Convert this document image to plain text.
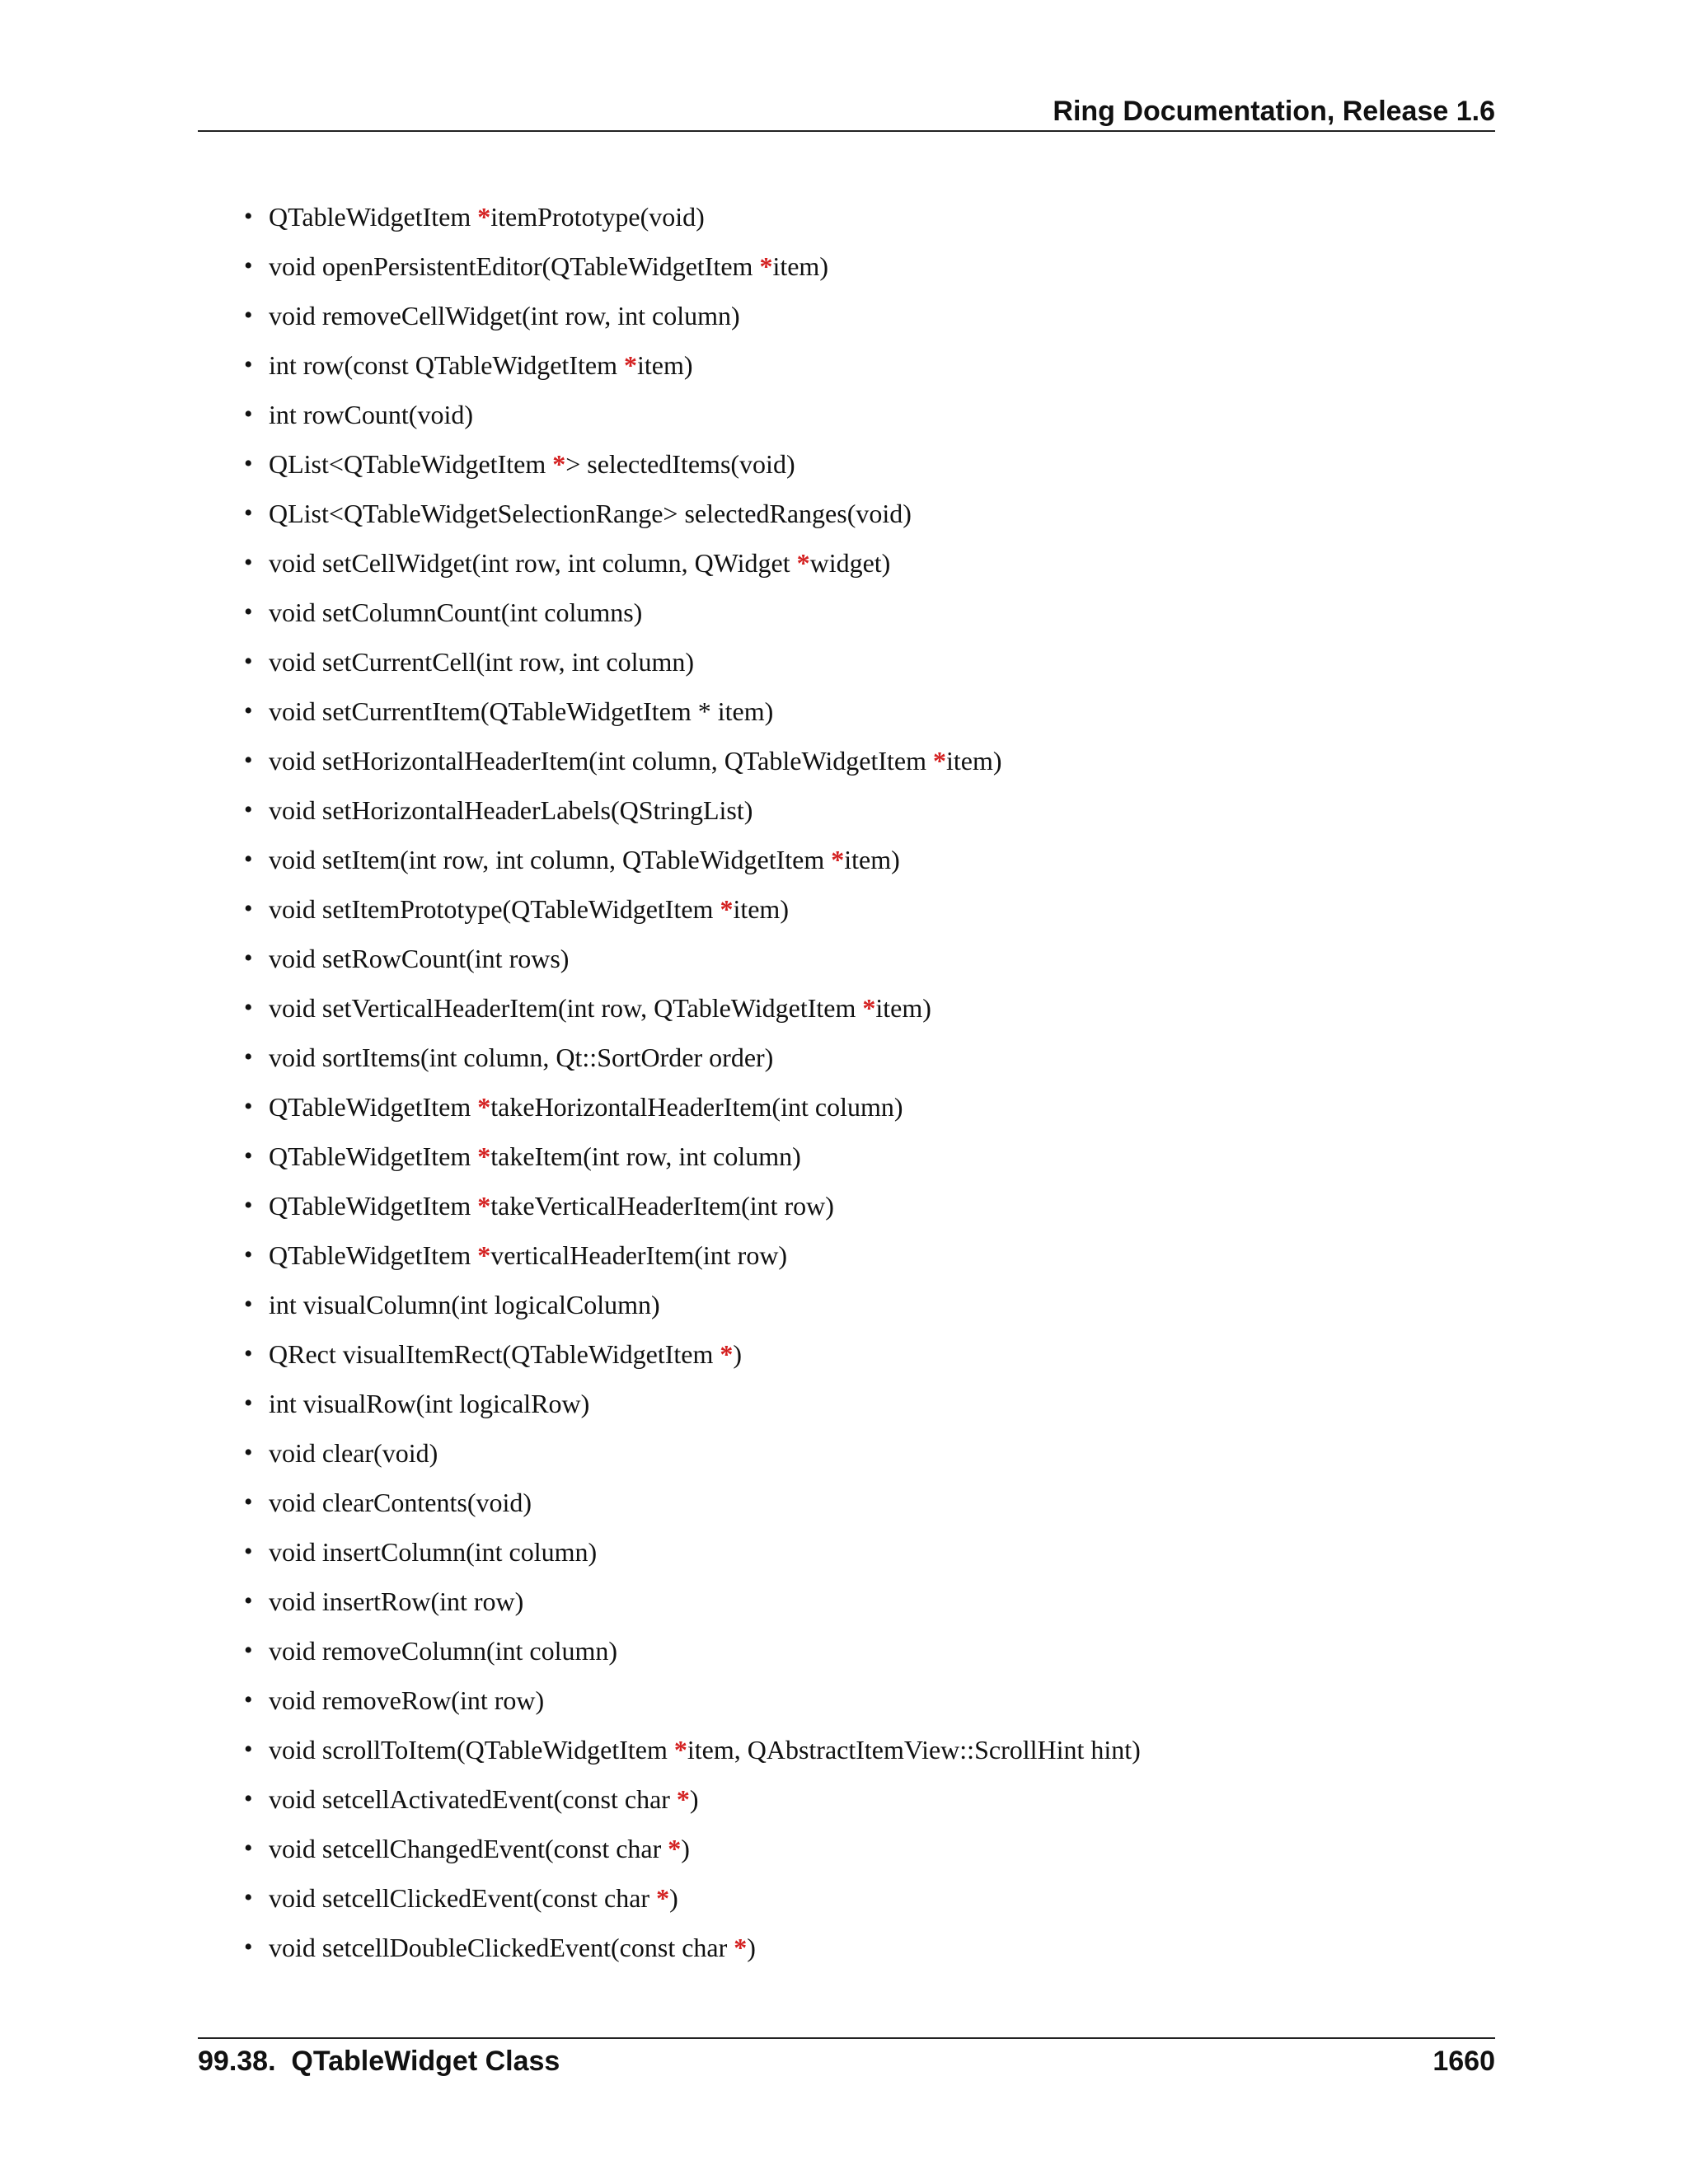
Ring Documentation, Release 1.6
• QTableWidgetItem *itemPrototype(void)
• void openPersistentEditor(QTableWidgetItem *item)
• void removeCellWidget(int row, int column)
• int row(const QTableWidgetItem *item)
• int rowCount(void)
• QList<QTableWidgetItem *> selectedItems(void)
• QList<QTableWidgetSelectionRange> selectedRanges(void)
• void setCellWidget(int row, int column, QWidget *widget)
• void setColumnCount(int columns)
• void setCurrentCell(int row, int column)
• void setCurrentItem(QTableWidgetItem * item)
• void setHorizontalHeaderItem(int column, QTableWidgetItem *item)
• void setHorizontalHeaderLabels(QStringList)
• void setItem(int row, int column, QTableWidgetItem *item)
• void setItemPrototype(QTableWidgetItem *item)
• void setRowCount(int rows)
• void setVerticalHeaderItem(int row, QTableWidgetItem *item)
• void sortItems(int column, Qt::SortOrder order)
• QTableWidgetItem *takeHorizontalHeaderItem(int column)
• QTableWidgetItem *takeItem(int row, int column)
• QTableWidgetItem *takeVerticalHeaderItem(int row)
• QTableWidgetItem *verticalHeaderItem(int row)
• int visualColumn(int logicalColumn)
• QRect visualItemRect(QTableWidgetItem *)
• int visualRow(int logicalRow)
• void clear(void)
• void clearContents(void)
• void insertColumn(int column)
• void insertRow(int row)
• void removeColumn(int column)
• void removeRow(int row)
• void scrollToItem(QTableWidgetItem *item, QAbstractItemView::ScrollHint hint)
• void setcellActivatedEvent(const char *)
• void setcellChangedEvent(const char *)
• void setcellClickedEvent(const char *)
• void setcellDoubleClickedEvent(const char *)
99.38.  QTableWidget Class	1660
